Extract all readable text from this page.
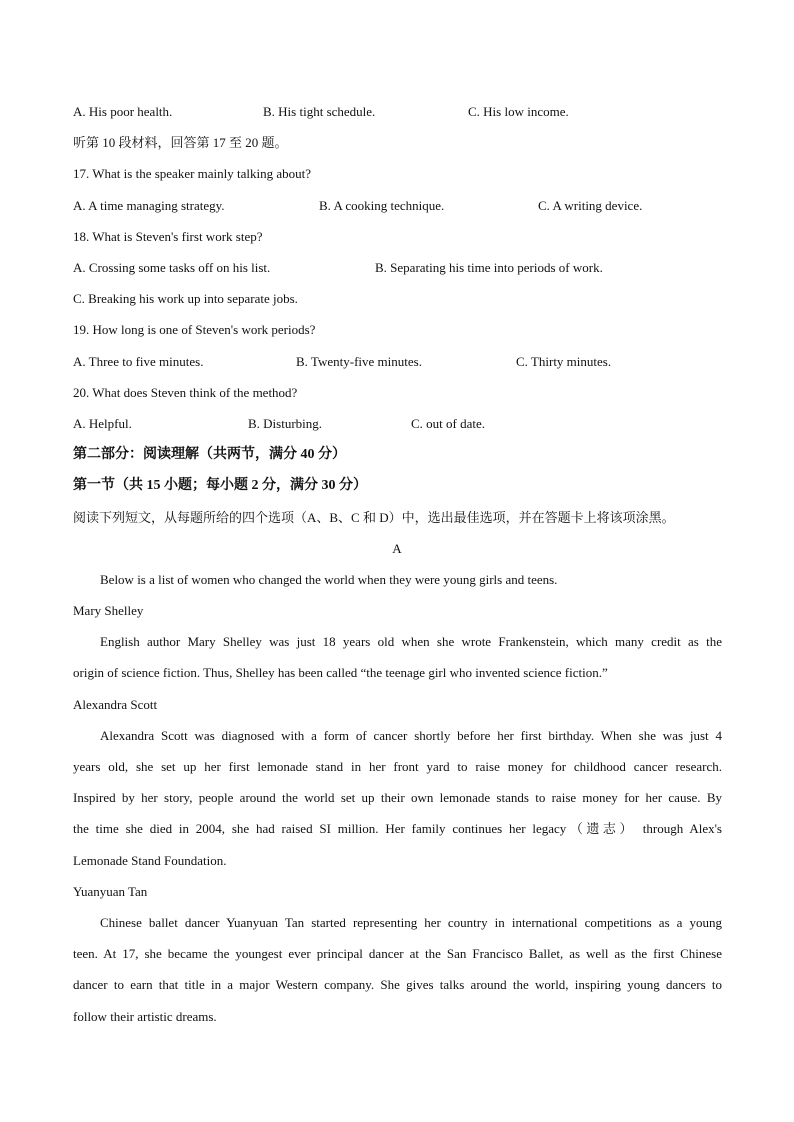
A. His poor health.	B. His tight schedule.	C. His low income.
听第 10 段材料，回答第 17 至 20 题。
17. What is the speaker mainly talking about?
A. A time managing strategy.	B. A cooking technique.	C. A writing device.
18. What is Steven's first work step?
A. Crossing some tasks off on his list.	B. Separating his time into periods of work.
C. Breaking his work up into separate jobs.
19. How long is one of Steven's work periods?
A. Three to five minutes.	B. Twenty-five minutes.	C. Thirty minutes.
20. What does Steven think of the method?
A. Helpful.	B. Disturbing.	C. out of date.
第二部分：阅读理解（共两节，满分 40 分）
第一节（共 15 小题；每小题 2 分，满分 30 分）
阅读下列短文，从每题所给的四个选项（A、B、C 和 D）中，选出最佳选项，并在答题卡上将该项涂黑。
A
Below is a list of women who changed the world when they were young girls and teens.
Mary Shelley
English author Mary Shelley was just 18 years old when she wrote Frankenstein, which many credit as the
origin of science fiction. Thus, Shelley has been called “the teenage girl who invented science fiction.”
Alexandra Scott
Alexandra Scott was diagnosed with a form of cancer shortly before her first birthday. When she was just 4
years old, she set up her first lemonade stand in her front yard to raise money for childhood cancer research.
Inspired by her story, people around the world set up their own lemonade stands to raise money for her cause. By
the time she died in 2004, she had raised SI million. Her family continues her legacy（遗志） through Alex's
Lemonade Stand Foundation.
Yuanyuan Tan
Chinese ballet dancer Yuanyuan Tan started representing her country in international competitions as a young
teen. At 17, she became the youngest ever principal dancer at the San Francisco Ballet, as well as the first Chinese
dancer to earn that title in a major Western company. She gives talks around the world, inspiring young dancers to
follow their artistic dreams.
